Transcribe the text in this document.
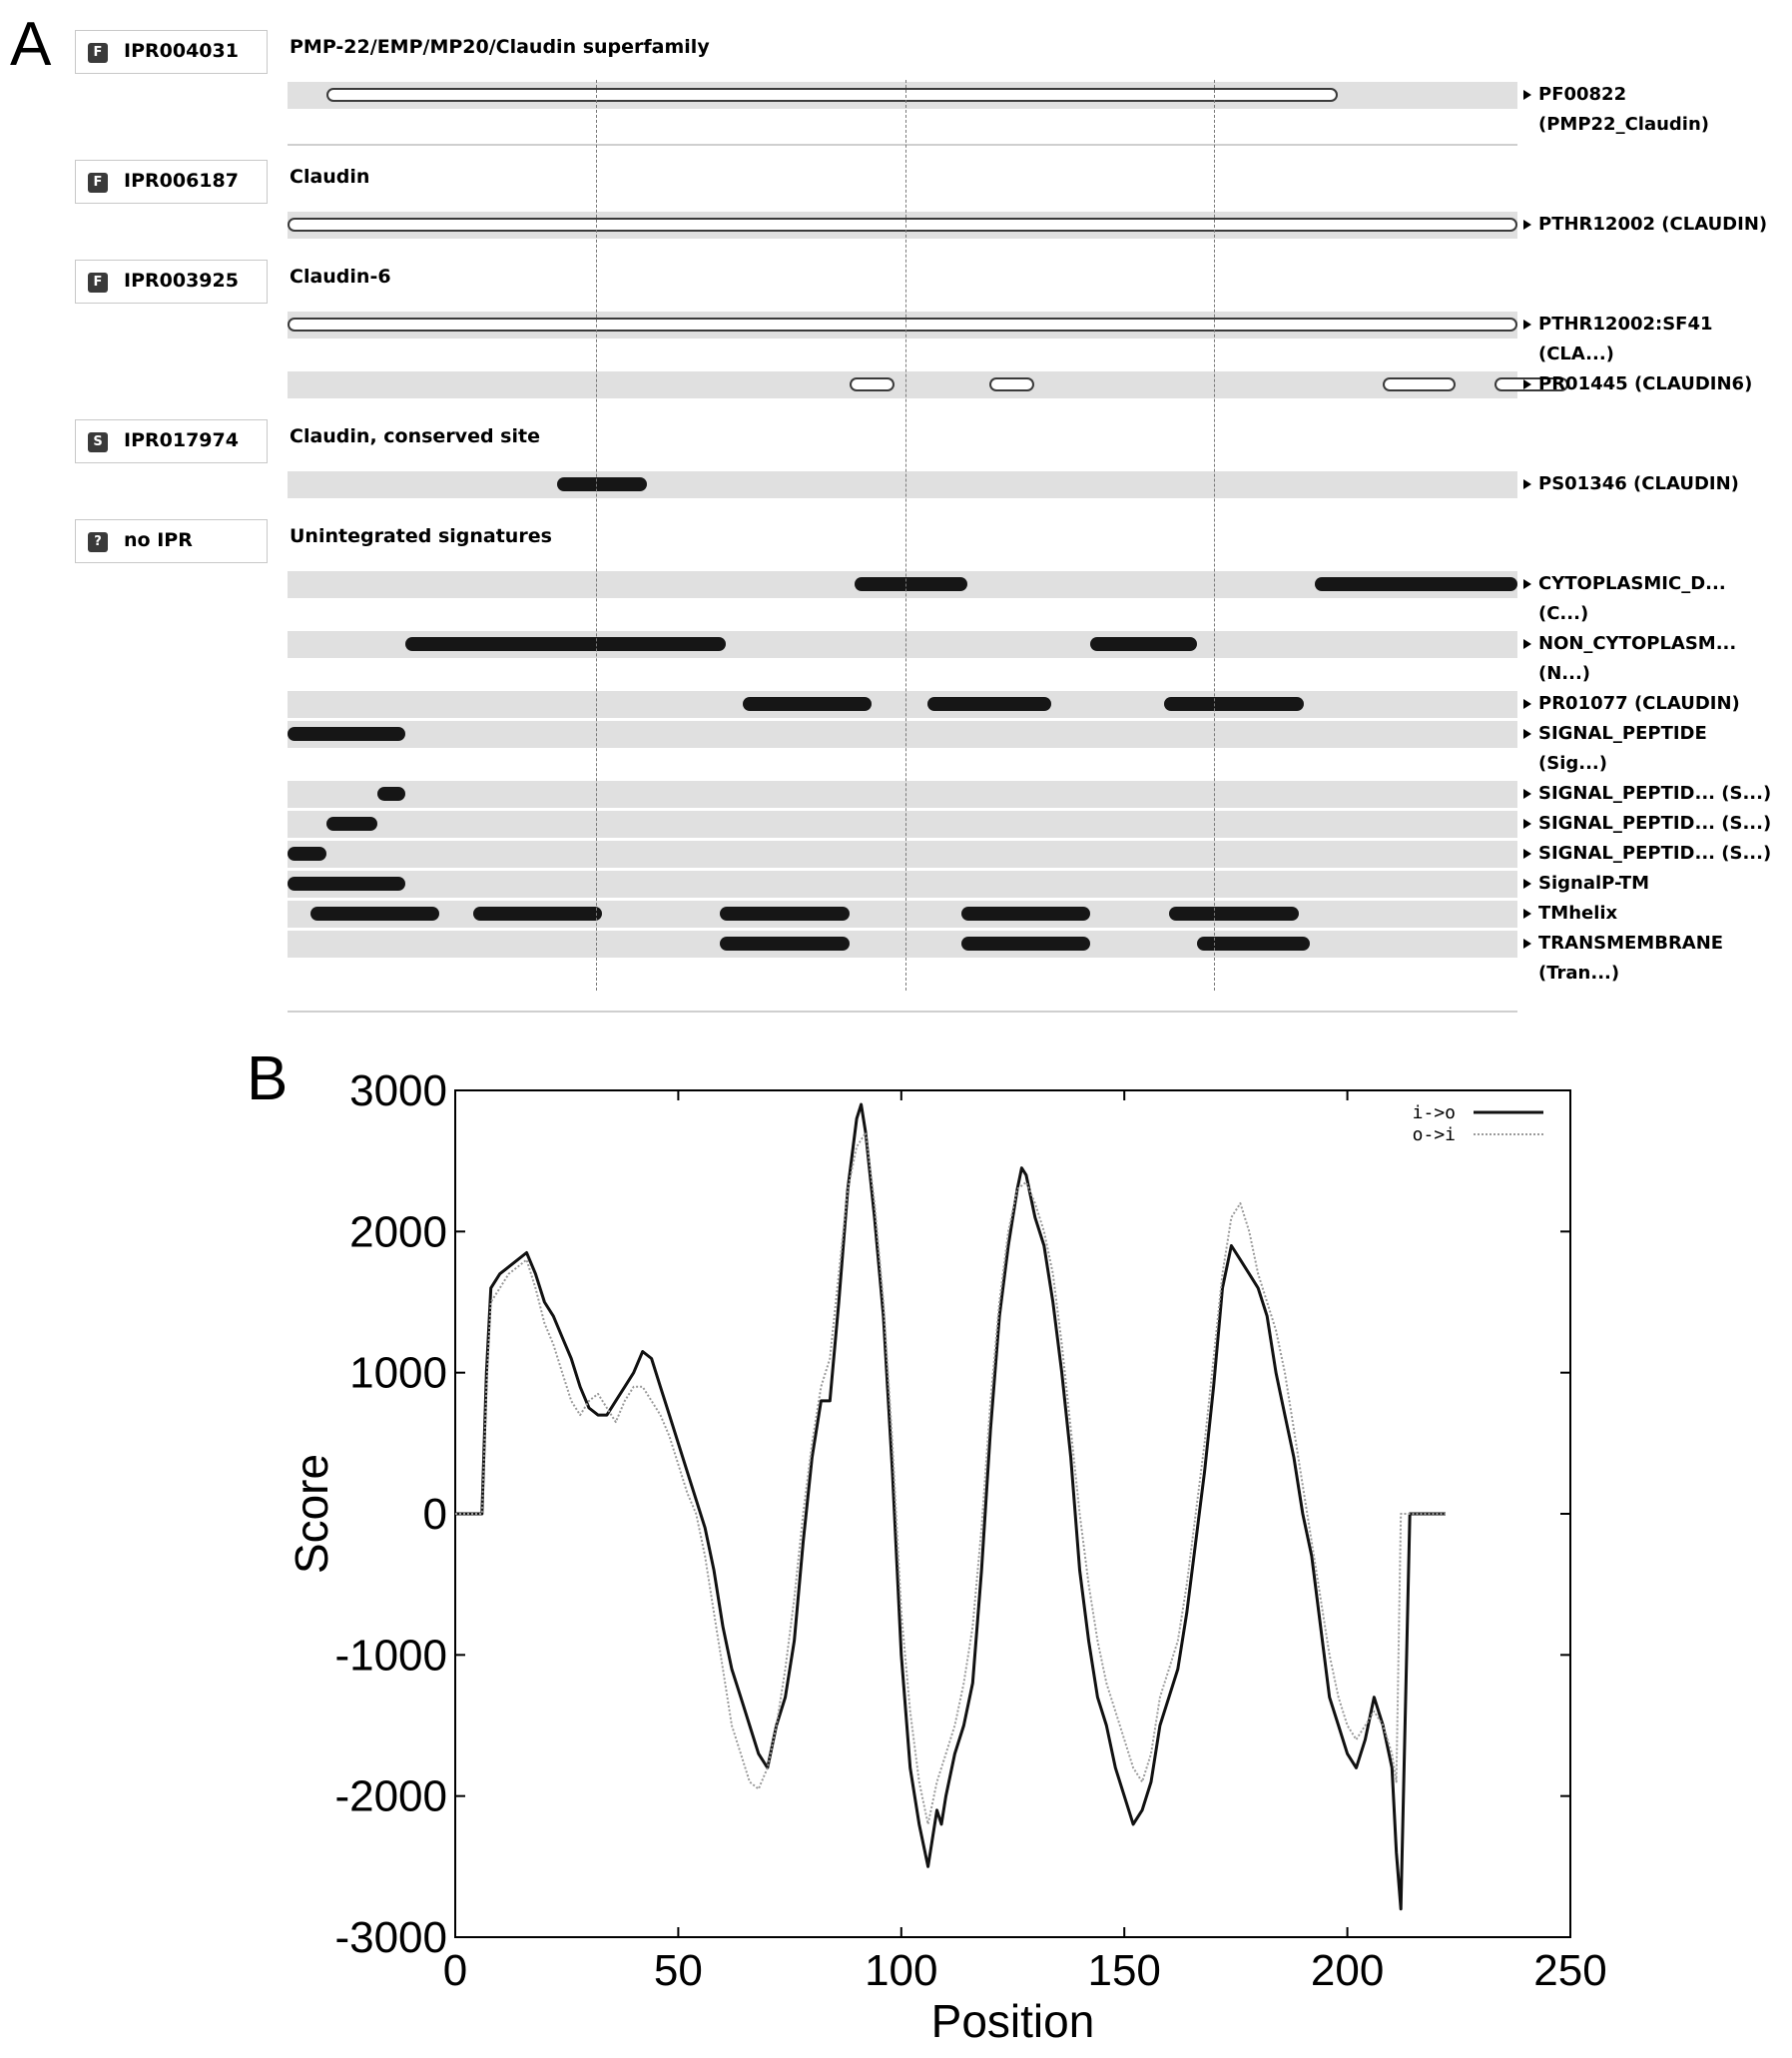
A	F IPR004031	PMP-22/EMP/MP20/Claudin superfamily
PF00822
(PMP22_Claudin)
F IPR006187	Claudin
PTHR12002 (CLAUDIN)
F IPR003925	Claudin-6
PTHR12002:SF41
(CLA...)
PR01445 (CLAUDIN6)
S IPR017974	Claudin, conserved site
PS01346 (CLAUDIN)
?	no IPR	Unintegrated signatures
CYTOPLASMIC_D...
(C...)
NON_CYTOPLASM...
(N...)
PR01077 (CLAUDIN)
SIGNAL_PEPTIDE
(Sig...)
SIGNAL_PEPTID... (S...)
SIGNAL_PEPTID... (S...)
SIGNAL_PEPTID... (S...)
SignalP-TM
TMhelix
TRANSMEMBRANE
(Tran...)
B
0	50	100	150	200	250
3000
2000
1000
0
-1000
-2000
-3000
Position
Score
i->o
o->i
